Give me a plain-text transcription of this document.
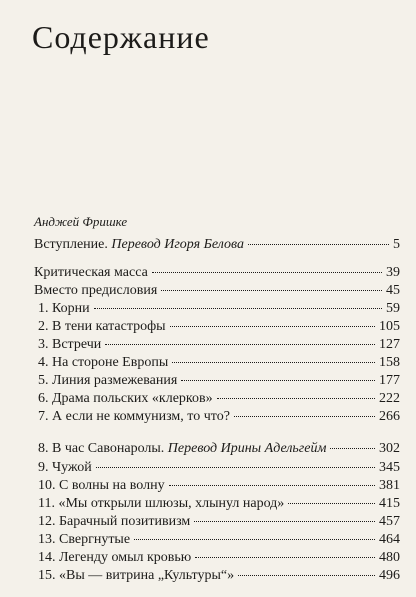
Содержание
Анджей Фришке
Вступление. Перевод Игоря Белова	5
Критическая масса	39
Вместо предисловия	45
1. Корни	59
2. В тени катастрофы	105
3. Встречи	127
4. На стороне Европы	158
5. Линия размежевания	177
6. Драма польских «клерков»	222
7. А если не коммунизм, то что?	266
8. В час Савонаролы. Перевод Ирины Адельгейм	302
9. Чужой	345
10. С волны на волну	381
11. «Мы открыли шлюзы, хлынул народ»	415
12. Барачный позитивизм	457
13. Свергнутые	464
14. Легенду омыл кровью	480
15. «Вы — витрина „Культуры“»	496
